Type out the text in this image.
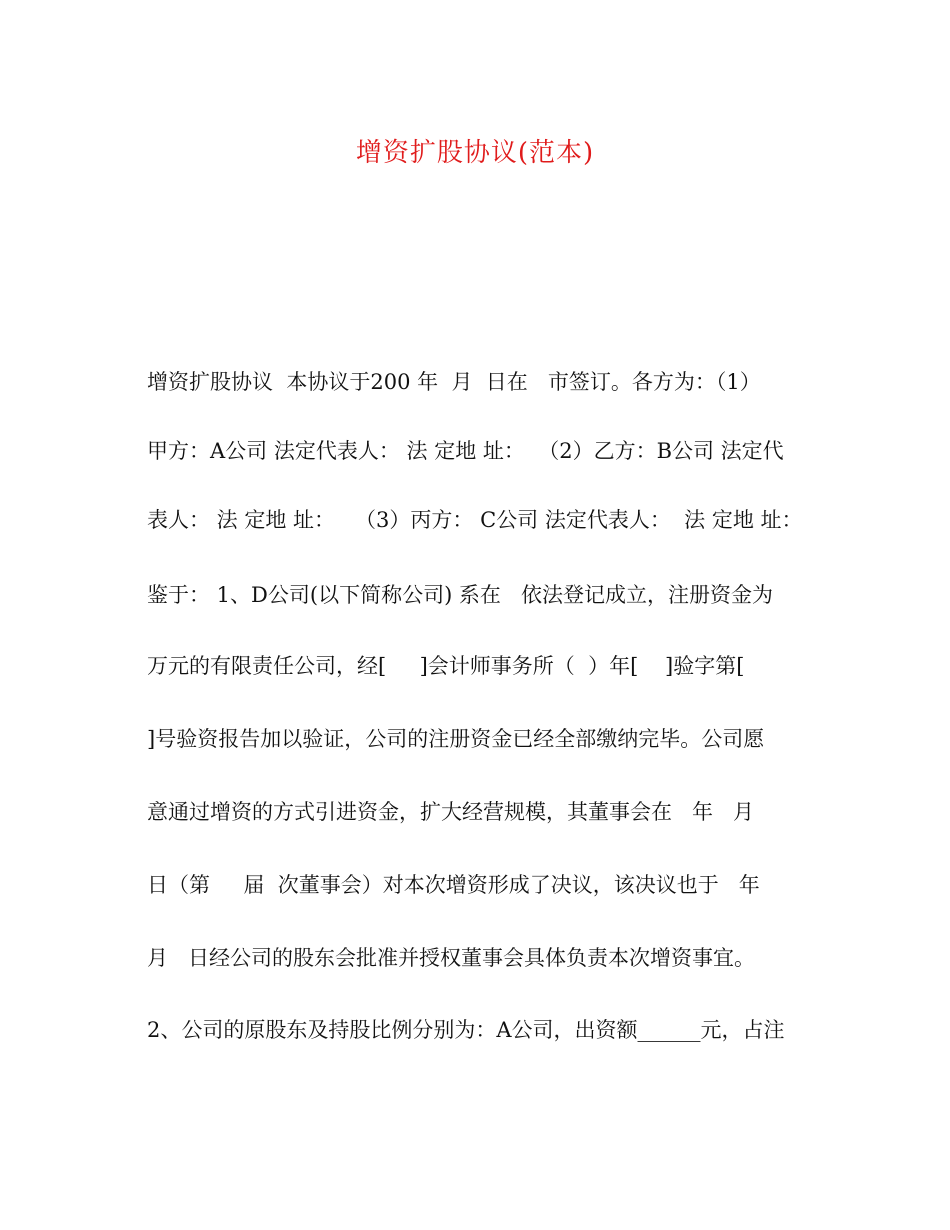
增资扩股协议(范本)
增资扩股协议  本协议于200 年  月  日在   市签订。各方为：（1）
甲方：A公司 法定代表人： 法 定地 址：  （2）乙方：B公司 法定代
表人： 法 定地 址：   （3）丙方： C公司 法定代表人：  法 定地 址：
鉴于： 1、D公司(以下简称公司) 系在   依法登记成立，注册资金为
万元的有限责任公司，经[     ]会计师事务所（  ）年[    ]验字第[
]号验资报告加以验证，公司的注册资金已经全部缴纳完毕。公司愿
意通过增资的方式引进资金，扩大经营规模，其董事会在   年   月
日（第     届  次董事会）对本次增资形成了决议，该决议也于   年
月   日经公司的股东会批准并授权董事会具体负责本次增资事宜。
2、公司的原股东及持股比例分别为：A公司，出资额______元，占注
